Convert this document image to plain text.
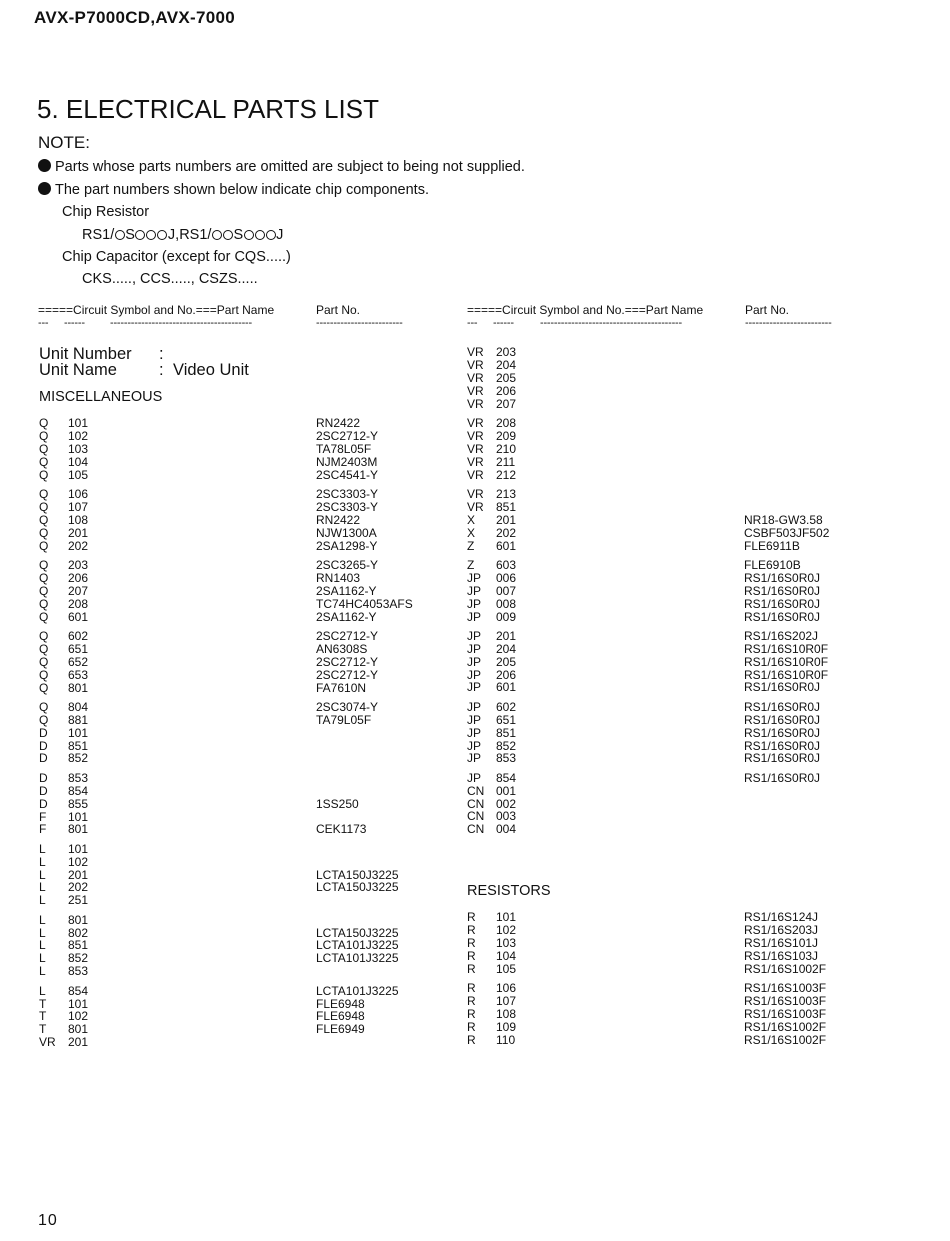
AVX-P7000CD,AVX-7000
5. ELECTRICAL PARTS LIST
NOTE:
Parts whose parts numbers are omitted are subject to being not supplied.
The part numbers shown below indicate chip components.
Chip Resistor
RS1/ S J,RS1/ S J
Chip Capacitor (except for CQS.....)
CKS....., CCS....., CSZS.....
=====Circuit Symbol and No.===Part Name	Part No.
--- ------ -----------------------------------------	-------------------------
=====Circuit Symbol and No.===Part Name	Part No.
--- ------ -----------------------------------------	-------------------------
Unit Number :
Unit Name	: Video Unit
MISCELLANEOUS
RESISTORS
Q 101	RN2422
Q 102	2SC2712-Y
Q 103	TA78L05F
Q 104	NJM2403M
Q 105	2SC4541-Y
Q 106	2SC3303-Y
Q 107	2SC3303-Y
Q 108	RN2422
Q 201	NJW1300A
Q 202	2SA1298-Y
Q 203	2SC3265-Y
Q 206	RN1403
Q 207	2SA1162-Y
Q 208	TC74HC4053AFS
Q 601	2SA1162-Y
Q 602	2SC2712-Y
Q 651	AN6308S
Q 652	2SC2712-Y
Q 653	2SC2712-Y
Q 801	FA7610N
Q 804	2SC3074-Y
Q 881	TA79L05F
D 101
D 851
D 852
D 853
D 854
D 855	1SS250
F 101
F 801	CEK1173
L 101
L 102
L 201	LCTA150J3225
L 202	LCTA150J3225
L 251
L 801
L 802	LCTA150J3225
L 851	LCTA101J3225
L 852	LCTA101J3225
L 853
L 854	LCTA101J3225
T 101	FLE6948
T 102	FLE6948
T 801	FLE6949
VR 201
VR 203
VR 204
VR 205
VR 206
VR 207
VR 208
VR 209
VR 210
VR 211
VR 212
VR 213
VR 851
X 201	NR18-GW3.58
X 202	CSBF503JF502
Z 601	FLE6911B
Z 603	FLE6910B
JP 006	RS1/16S0R0J
JP 007	RS1/16S0R0J
JP 008	RS1/16S0R0J
JP 009	RS1/16S0R0J
JP 201	RS1/16S202J
JP 204	RS1/16S10R0F
JP 205	RS1/16S10R0F
JP 206	RS1/16S10R0F
JP 601	RS1/16S0R0J
JP 602	RS1/16S0R0J
JP 651	RS1/16S0R0J
JP 851	RS1/16S0R0J
JP 852	RS1/16S0R0J
JP 853	RS1/16S0R0J
JP 854	RS1/16S0R0J
CN 001
CN 002
CN 003
CN 004
R 101	RS1/16S124J
R 102	RS1/16S203J
R 103	RS1/16S101J
R 104	RS1/16S103J
R 105	RS1/16S1002F
R 106	RS1/16S1003F
R 107	RS1/16S1003F
R 108	RS1/16S1003F
R 109	RS1/16S1002F
R 110	RS1/16S1002F
10
